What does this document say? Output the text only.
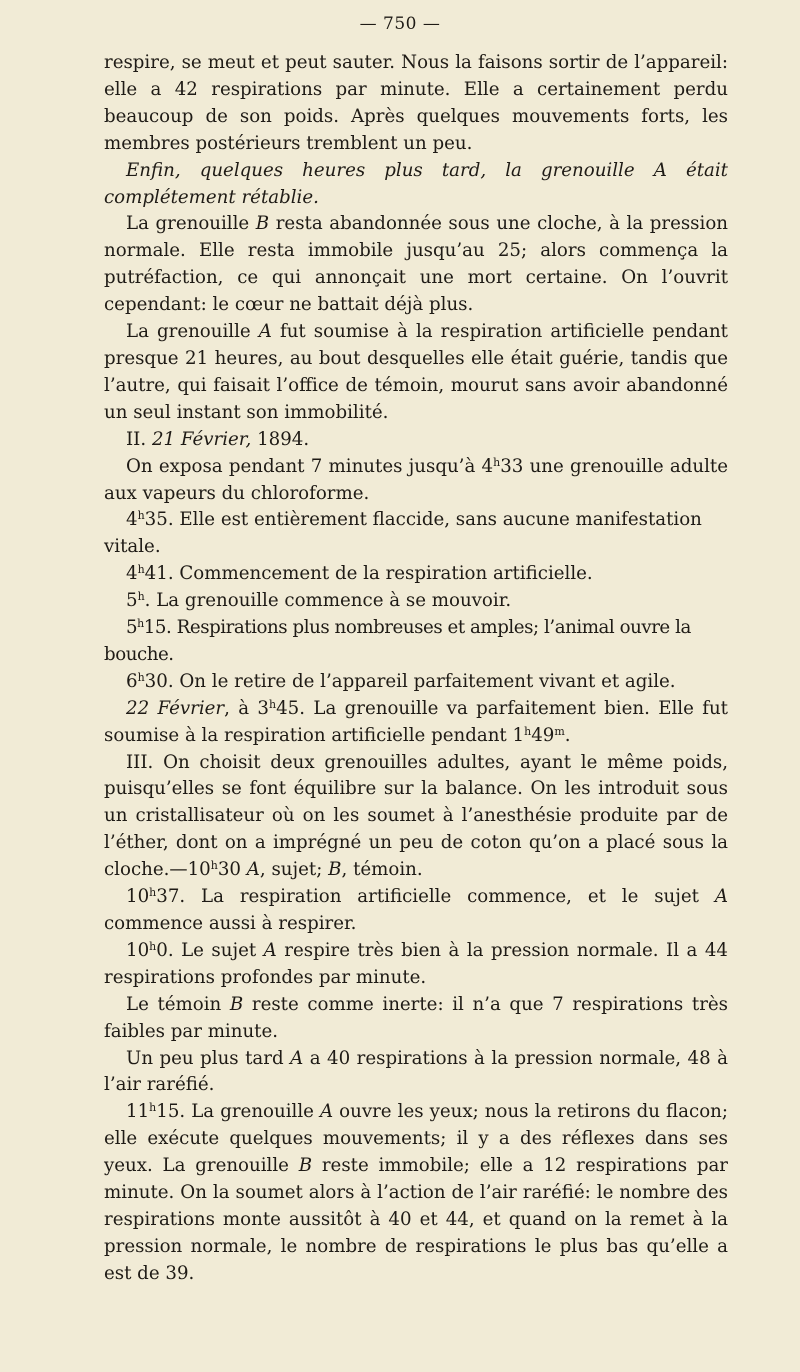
— 750 —

respire, se meut et peut sauter. Nous la faisons sortir de l’appareil: elle a 42 respirations par minute. Elle a certainement perdu beaucoup de son poids. Après quelques mouvements forts, les membres postérieurs tremblent un peu.

Enfin, quelques heures plus tard, la grenouille A était complétement rétablie.

La grenouille B resta abandonnée sous une cloche, à la pression normale. Elle resta immobile jusqu’au 25; alors commença la putréfaction, ce qui annonçait une mort certaine. On l’ouvrit cependant: le cœur ne battait déjà plus.

La grenouille A fut soumise à la respiration artificielle pendant presque 21 heures, au bout desquelles elle était guérie, tandis que l’autre, qui faisait l’office de témoin, mourut sans avoir abandonné un seul instant son immobilité.

II. 21 Février, 1894.

On exposa pendant 7 minutes jusqu’à 4$^h$33 une grenouille adulte aux vapeurs du chloroforme.

4$^h$35. Elle est entièrement flaccide, sans aucune manifestation vitale.

4$^h$41. Commencement de la respiration artificielle.

5$^h$. La grenouille commence à se mouvoir.

5$^h$15. Respirations plus nombreuses et amples; l’animal ouvre la bouche.

6$^h$30. On le retire de l’appareil parfaitement vivant et agile.

22 Février, à 3$^h$45. La grenouille va parfaitement bien. Elle fut soumise à la respiration artificielle pendant 1$^h$49$^m$.

III. On choisit deux grenouilles adultes, ayant le même poids, puisqu’elles se font équilibre sur la balance. On les introduit sous un cristallisateur où on les soumet à l’anesthésie produite par de l’éther, dont on a imprégné un peu de coton qu’on a placé sous la cloche.—10$^h$30 A, sujet; B, témoin.

10$^h$37. La respiration artificielle commence, et le sujet A commence aussi à respirer.

10$^h$0. Le sujet A respire très bien à la pression normale. Il a 44 respirations profondes par minute.

Le témoin B reste comme inerte: il n’a que 7 respirations très faibles par minute.

Un peu plus tard A a 40 respirations à la pression normale, 48 à l’air raréfié.

11$^h$15. La grenouille A ouvre les yeux; nous la retirons du flacon; elle exécute quelques mouvements; il y a des réflexes dans ses yeux. La grenouille B reste immobile; elle a 12 respirations par minute. On la soumet alors à l’action de l’air raréfié: le nombre des respirations monte aussitôt à 40 et 44, et quand on la remet à la pression normale, le nombre de respirations le plus bas qu’elle a est de 39.
